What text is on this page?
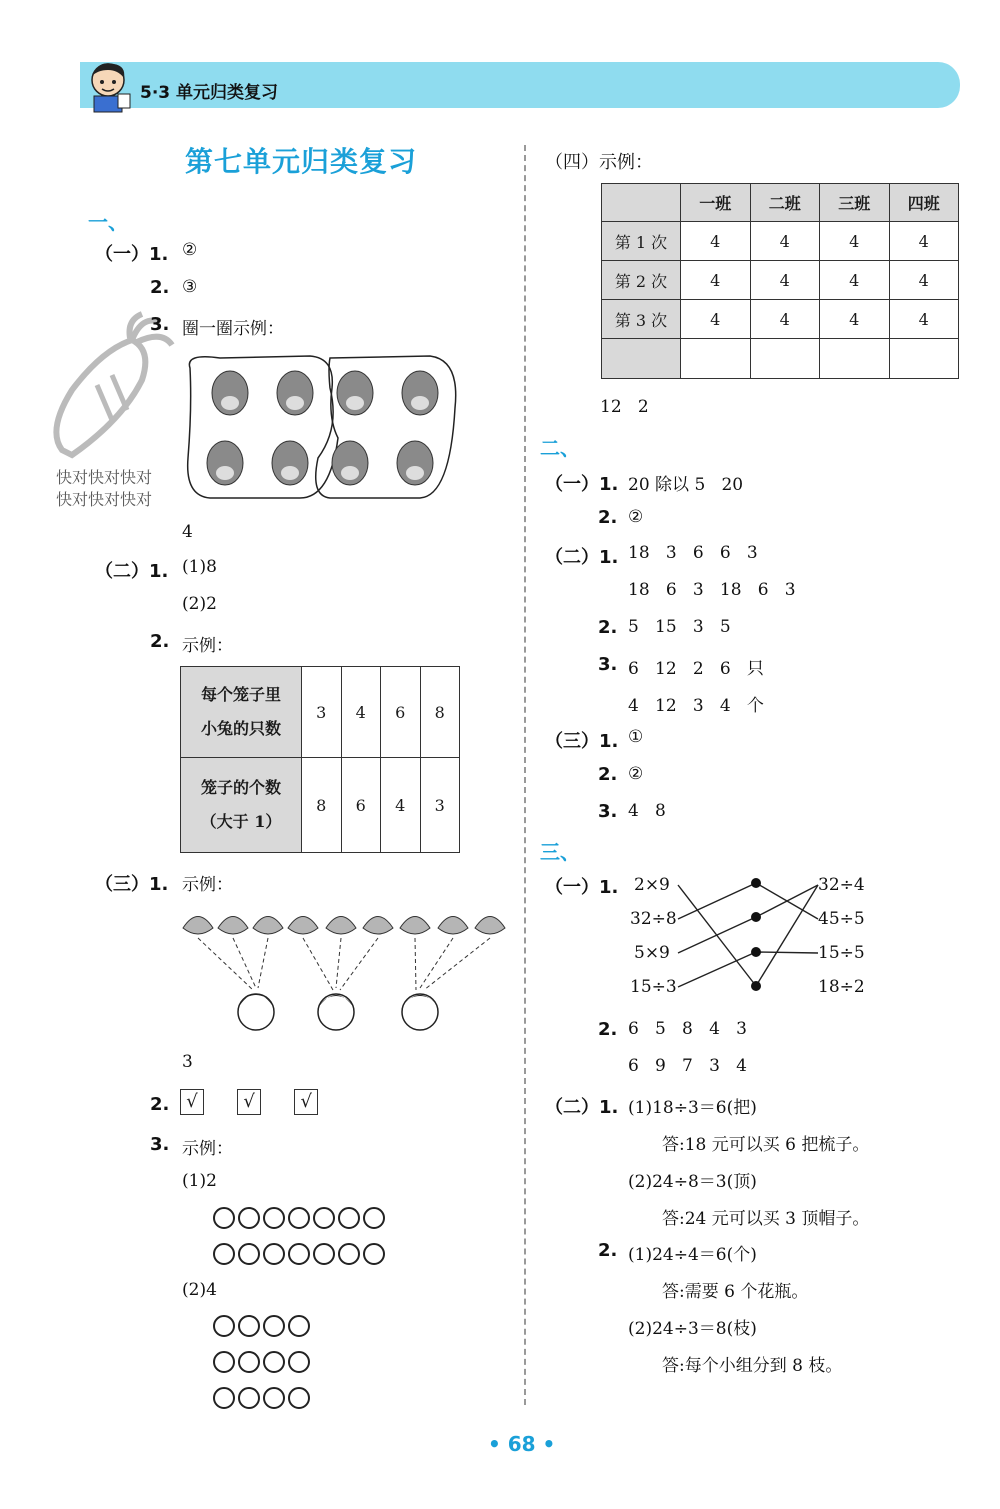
5·3 单元归类复习
第七单元归类复习
快对快对快对
快对快对快对
一、
（一）1. ②
2. ③
3. 圈一圈示例：
4
（二）1. (1)8
(2)2
2. 示例：
每个笼子里
小兔的只数	3	4	6	8

笼子的个数
（大于 1）	8	6	4	3
（三）1. 示例：
3
2. √	√	√
3. 示例：
(1)2
(2)4
（四）示例：
	一班	二班	三班	四班
第 1 次	4	4	4	4
第 2 次	4	4	4	4
第 3 次	4	4	4	4

12   2
二、
（一）1. 20 除以 5   20
2. ②
（二）1. 18   3   6   6   3
18   6   3   18   6   3
2. 5   15   3   5
3. 6   12   2   6   只
4   12   3   4   个
（三）1. ①
2. ②
3. 4   8
三、
（一）1. 2×9
32÷8
5×9
15÷3
32÷4
45÷5
15÷5
18÷2
2. 6   5   8   4   3
6   9   7   3   4
（二）1. (1)18÷3＝6(把)
答:18 元可以买 6 把梳子。
(2)24÷8＝3(顶)
答:24 元可以买 3 顶帽子。
2. (1)24÷4＝6(个)
答:需要 6 个花瓶。
(2)24÷3＝8(枝)
答:每个小组分到 8 枝。
• 68 •
